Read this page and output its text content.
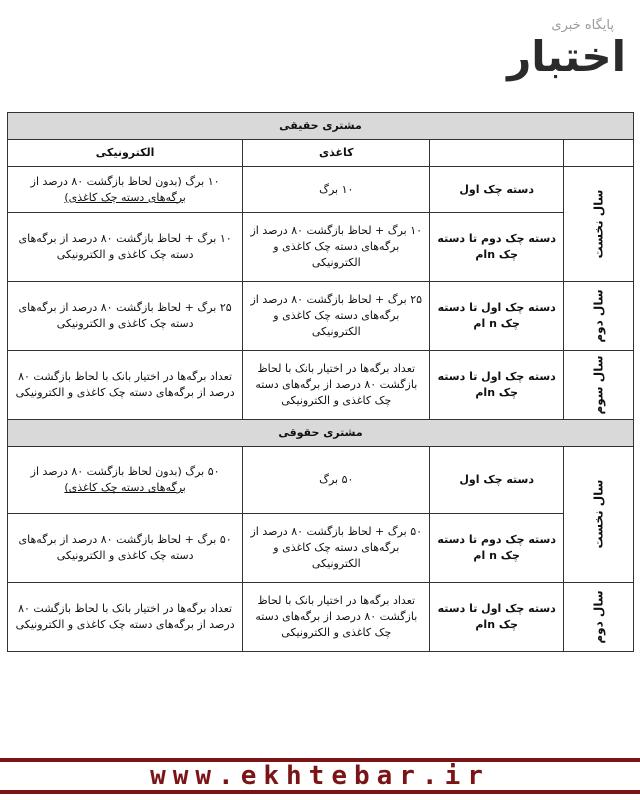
پایگاه خبری
اختبار
مشتری حقیقی			
		کاغذی	الکترونیکی
سال نخست	دسته چک اول	۱۰ برگ	۱۰ برگ (بدون لحاظ بازگشت ۸۰ درصد از
برگه‌های دسته چک کاغذی)
	دسته چک دوم تا دسته چک nام	۱۰ برگ + لحاظ بازگشت ۸۰ درصد از برگه‌های دسته چک کاغذی و الکترونیکی	۱۰ برگ + لحاظ بازگشت ۸۰ درصد از برگه‌های دسته چک کاغذی و الکترونیکی
سال دوم	دسته چک اول تا دسته چک n ام	۲۵ برگ + لحاظ بازگشت ۸۰ درصد از برگه‌های دسته چک کاغذی و الکترونیکی	۲۵ برگ + لحاظ بازگشت ۸۰ درصد از برگه‌های دسته چک کاغذی و الکترونیکی
سال سوم	دسته چک اول تا دسته چک nام	تعداد برگه‌ها در اختیار بانک با لحاظ بازگشت ۸۰ درصد از برگه‌های دسته چک کاغذی و الکترونیکی	تعداد برگه‌ها در اختیار بانک با لحاظ بازگشت ۸۰ درصد از برگه‌های دسته چک کاغذی و الکترونیکی
مشتری حقوقی			
سال نخست	دسته چک اول	۵۰ برگ	۵۰ برگ (بدون لحاظ بازگشت ۸۰ درصد از
برگه‌های دسته چک کاغذی)
	دسته چک دوم تا دسته چک n ام	۵۰ برگ + لحاظ بازگشت ۸۰ درصد از برگه‌های دسته چک کاغذی و الکترونیکی	۵۰ برگ + لحاظ بازگشت ۸۰ درصد از برگه‌های دسته چک کاغذی و الکترونیکی
سال دوم	دسته چک اول تا دسته چک nام	تعداد برگه‌ها در اختیار بانک با لحاظ بازگشت ۸۰ درصد از برگه‌های دسته چک کاغذی و الکترونیکی	تعداد برگه‌ها در اختیار بانک با لحاظ بازگشت ۸۰ درصد از برگه‌های دسته چک کاغذی و الکترونیکی
www.ekhtebar.ir
